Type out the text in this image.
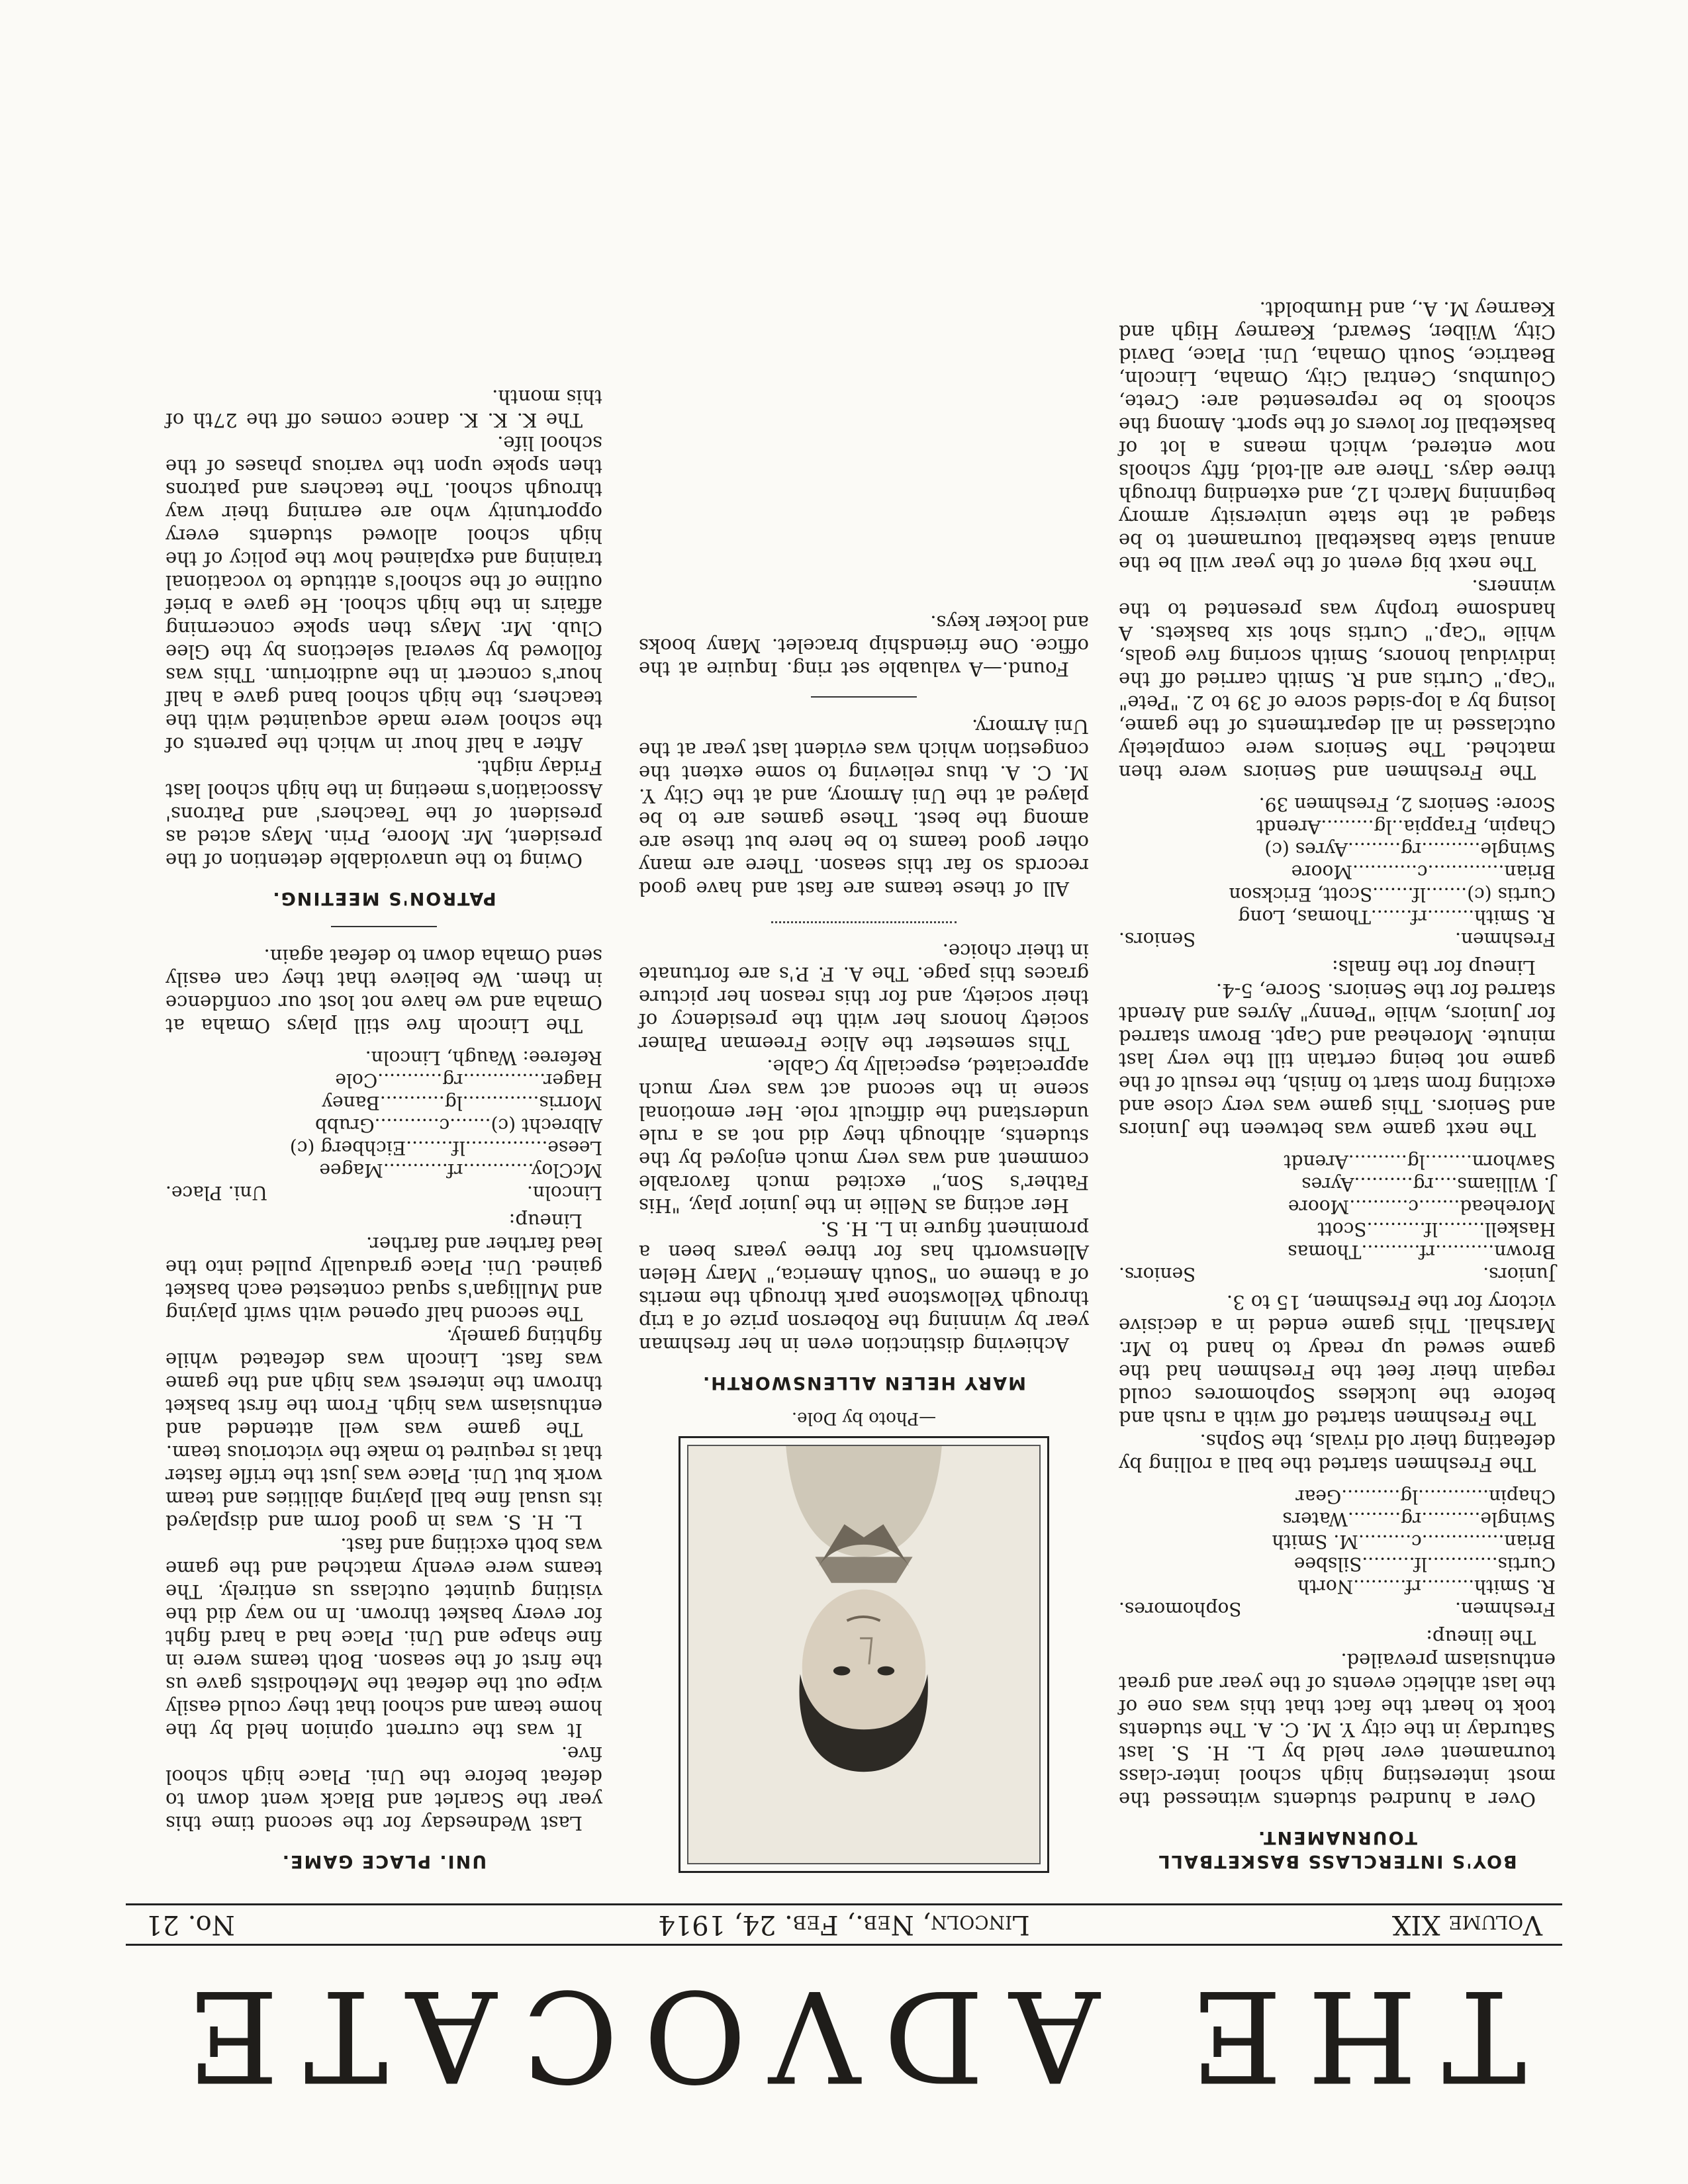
THE ADVOCATE
Volume XIX
Lincoln, Neb., Feb. 24, 1914
No. 21
BOY'S INTERCLASS BASKETBALL TOURNAMENT.

Over a hundred students witnessed the most interesting high school inter-class tournament ever held by L. H. S. last Saturday in the city Y. M. C. A. The students took to heart the fact that this was one of the last athletic events of the year and great enthusiasm prevailed.

The lineup:

Freshmen.
Sophomores.
R. Smith.........rf.........North
Curtis............lf.........Silsbee
Brian..............c.........M. Smith
Swingle..........rg.........Waters
Chapin............lg..........Gear

The Freshmen started the ball a rolling by defeating their old rivals, the Sophs.

The Freshmen started off with a rush and before the luckless Sophomores could regain their feet the Freshmen had the game sewed up ready to hand to Mr. Marshall. This game ended in a decisive victory for the Freshmen, 15 to 3.

Juniors.
Seniors.
Brown..........rf..........Thomas
Haskell........lf..........Scott
Morehead.......c..........Moore
J. Williams....rg..........Ayres
Sawhorn........lg..........Arendt

The next game was between the Juniors and Seniors. This game was very close and exciting from start to finish, the result of the game not being certain till the very last minute. Morehead and Capt. Brown starred for Juniors, while "Penny" Ayres and Arendt starred for the Seniors. Score, 5-4.

Lineup for the finals:

Freshmen.
Seniors.
R. Smith........rf.......Thomas, Long
Curtis (c).......lf.......Scott, Erickson
Brian.............c...........Moore
Swingle..........rg.........Ayres (c)
Chapin, Frappia..lg.........Arendt
Score: Seniors 2, Freshmen 39.

The Freshmen and Seniors were then matched. The Seniors were completely outclassed in all departments of the game, losing by a lop-sided score of 39 to 2. "Pete" "Cap." Curtis and R. Smith carried off the individual honors, Smith scoring five goals, while "Cap." Curtis shot six baskets. A handsome trophy was presented to the winners.

The next big event of the year will be the annual state basketball tournament to be staged at the state university armory beginning March 12, and extending through three days. There are all-told, fifty schools now entered, which means a lot of basketball for lovers of the sport. Among the schools to be represented are: Crete, Columbus, Central City, Omaha, Lincoln, Beatrice, South Omaha, Uni. Place, David City, Wilber, Seward, Kearney High and Kearney M. A., and Humboldt.

—Photo by Dole.
MARY HELEN ALLENSWORTH.

Achieving distinction even in her freshman year by winning the Roberson prize of a trip through Yellowstone park through the merits of a theme on "South America," Mary Helen Allensworth has for three years been a prominent figure in L. H. S.

Her acting as Nellie in the junior play, "His Father's Son," excited much favorable comment and was very much enjoyed by the students, although they did not as a rule understand the difficult role. Her emotional scene in the second act was very much appreciated, especially by Cable.

This semester the Alice Freeman Palmer society honors her with the presidency of their society, and for this reason her picture graces this page. The A. F. P.'s are fortunate in their choice.

All of these teams are fast and have good records so far this season. There are many other good teams to be here but these are among the best. These games are to be played at the Uni Armory, and at the City Y. M. C. A. thus relieving to some extent the congestion which was evident last year at the Uni Armory.

Found.—A valuable set ring. Inquire at the office. One friendship bracelet. Many books and locker keys.

UNI. PLACE GAME.

Last Wednesday for the second time this year the Scarlet and Black went down to defeat before the Uni. Place high school five.

It was the current opinion held by the home team and school that they could easily wipe out the defeat the Methodists gave us the first of the season. Both teams were in fine shape and Uni. Place had a hard fight for every basket thrown. In no way did the visiting quintet outclass us entirely. The teams were evenly matched and the game was both exciting and fast.

L. H. S. was in good form and displayed its usual fine ball playing abilities and team work but Uni. Place was just the trifle faster that is required to make the victorious team.

The game was well attended and enthusiasm was high. From the first basket thrown the interest was high and the game was fast. Lincoln was defeated while fighting gamely.

The second half opened with swift playing and Mulligan's squad contested each basket gained. Uni. Place gradually pulled into the lead farther and farther.

Lineup:

Lincoln.
Uni. Place.
McCloy............rf...........Magee
Leese..............lf........Eichberg (c)
Albrecht (c).......c...........Grubb
Morris.............lg...........Baney
Hager..............rg...........Cole
Referee: Waugh, Lincoln.

The Lincoln five still plays Omaha at Omaha and we have not lost our confidence in them. We believe that they can easily send Omaha down to defeat again.

PATRON'S MEETING.

Owing to the unavoidable detention of the president, Mr. Moore, Prin. Mays acted as president of the Teachers' and Patrons' Association's meeting in the high school last Friday night.

After a half hour in which the parents of the school were made acquainted with the teachers, the high school band gave a half hour's concert in the auditorium. This was followed by several selections by the Glee Club. Mr. Mays then spoke concerning affairs in the high school. He gave a brief outline of the school's attitude to vocational training and explained how the policy of the high school allowed students every opportunity who are earning their way through school. The teachers and patrons then spoke upon the various phases of the school life.

The K. K. K. dance comes off the 27th of this month.
